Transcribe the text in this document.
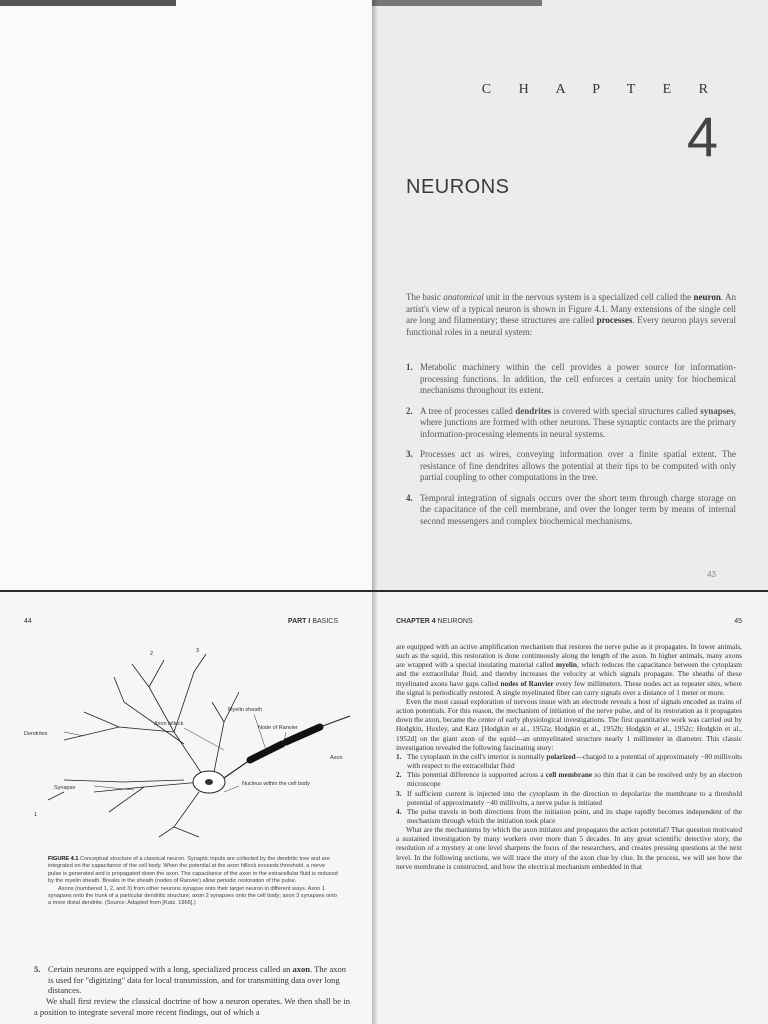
C H A P T E R
4
NEURONS
The basic anatomical unit in the nervous system is a specialized cell called the neuron. An artist's view of a typical neuron is shown in Figure 4.1. Many extensions of the single cell are long and filamentary; these structures are called processes. Every neuron plays several functional roles in a neural system:
1. Metabolic machinery within the cell provides a power source for information-processing functions. In addition, the cell enforces a certain unity for biochemical mechanisms throughout its extent.
2. A tree of processes called dendrites is covered with special structures called synapses, where junctions are formed with other neurons. These synaptic contacts are the primary information-processing elements in neural systems.
3. Processes act as wires, conveying information over a finite spatial extent. The resistance of fine dendrites allows the potential at their tips to be computed with only partial coupling to other computations in the tree.
4. Temporal integration of signals occurs over the short term through charge storage on the capacitance of the cell membrane, and over the longer term by means of internal second messengers and complex biochemical mechanisms.
43
44	PART I BASICS
2	3
1
Dendrites
Axon hillock
Myelin sheath
Node of Ranvier
Axon
Synapse
Nucleus within the cell body

FIGURE 4.1 Conceptual structure of a classical neuron. Synaptic inputs are collected by the dendritic tree and are integrated on the capacitance of the cell body. When the potential at the axon hillock exceeds threshold, a nerve pulse is generated and is propagated down the axon. The capacitance of the axon to the extracellular fluid is reduced by the myelin sheath. Breaks in the sheath (nodes of Ranvier) allow periodic restoration of the pulse.

Axons (numbered 1, 2, and 3) from other neurons synapse onto their target neuron in different ways. Axon 1 synapses onto the trunk of a particular dendritic structure; axon 2 synapses onto the cell body; axon 3 synapses onto a more distal dendrite. (Source: Adapted from [Katz, 1966].)

5. Certain neurons are equipped with a long, specialized process called an axon. The axon is used for "digitizing" data for local transmission, and for transmitting data over long distances.
We shall first review the classical doctrine of how a neuron operates. We then shall be in a position to integrate several more recent findings, out of which a
CHAPTER 4 NEURONS	45

are equipped with an active amplification mechanism that restores the nerve pulse as it propagates. In lower animals, such as the squid, this restoration is done continuously along the length of the axon. In higher animals, many axons are wrapped with a special insulating material called myelin, which reduces the capacitance between the cytoplasm and the extracellular fluid, and thereby increases the velocity at which signals propagate. The sheaths of these myelinated axons have gaps called nodes of Ranvier every few millimeters. These nodes act as repeater sites, where the signal is periodically restored. A single myelinated fiber can carry signals over a distance of 1 meter or more.

Even the most casual exploration of nervous tissue with an electrode reveals a host of signals encoded as trains of action potentials. For this reason, the mechanism of initiation of the nerve pulse, and of its restoration as it propagates down the axon, became the center of early physiological investigations. The first quantitative work was carried out by Hodgkin, Huxley, and Katz [Hodgkin et al., 1952a; Hodgkin et al., 1952b; Hodgkin et al., 1952c; Hodgkin et al., 1952d] on the giant axon of the squid—an unmyelinated structure nearly 1 millimeter in diameter. This classic investigation revealed the following fascinating story:

1. The cytoplasm in the cell's interior is normally polarized—charged to a potential of approximately −80 millivolts with respect to the extracellular fluid
2. This potential difference is supported across a cell membrane so thin that it can be resolved only by an electron microscope
3. If sufficient current is injected into the cytoplasm in the direction to depolarize the membrane to a threshold potential of approximately −40 millivolts, a nerve pulse is initiated
4. The pulse travels in both directions from the initiation point, and its shape rapidly becomes independent of the mechanism through which the initiation took place

What are the mechanisms by which the axon initiates and propagates the action potential? That question motivated a sustained investigation by many workers over more than 5 decades. In any great scientific detective story, the resolution of a mystery at one level sharpens the focus of the researchers, and creates pressing questions at the next level. In the following sections, we will trace the story of the axon clue by clue. In the process, we will see how the nerve membrane is constructed, and how the electrical mechanism embedded in that
